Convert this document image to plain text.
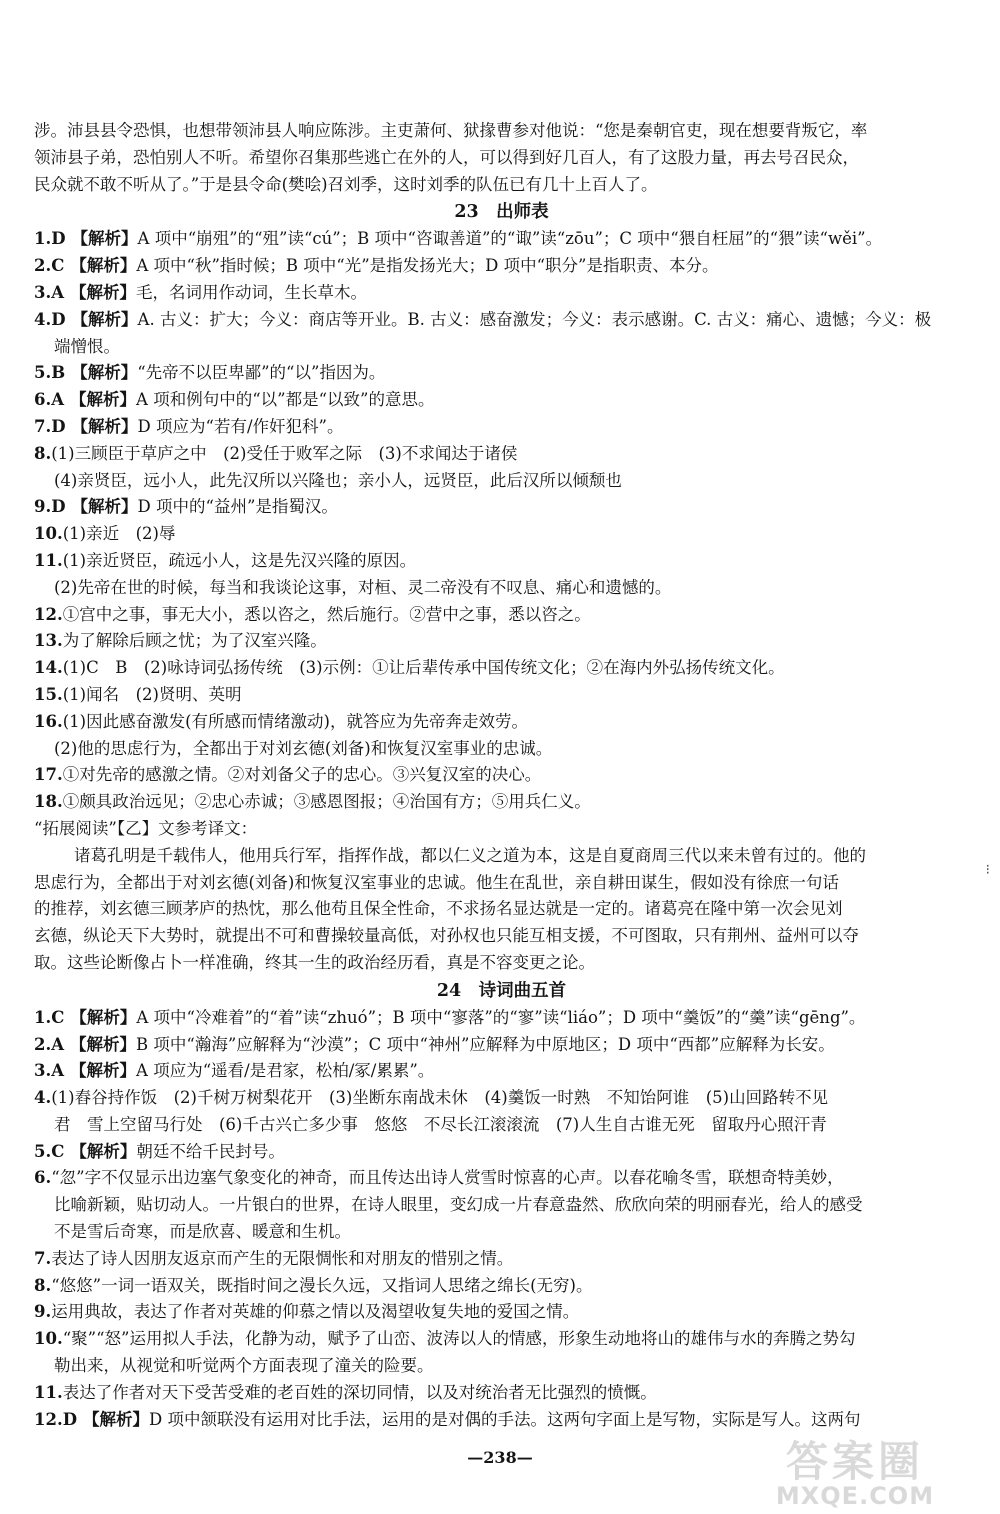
涉。沛县县令恐惧，也想带领沛县人响应陈涉。主吏萧何、狱掾曹参对他说：“您是秦朝官吏，现在想要背叛它，率
领沛县子弟，恐怕别人不听。希望你召集那些逃亡在外的人，可以得到好几百人，有了这股力量，再去号召民众，
民众就不敢不听从了。”于是县令命(樊哙)召刘季，这时刘季的队伍已有几十上百人了。
23　出师表
1.D 【解析】A 项中“崩殂”的“殂”读“cú”；B 项中“咨诹善道”的“诹”读“zōu”；C 项中“猥自枉屈”的“猥”读“wěi”。
2.C 【解析】A 项中“秋”指时候；B 项中“光”是指发扬光大；D 项中“职分”是指职责、本分。
3.A 【解析】毛，名词用作动词，生长草木。
4.D 【解析】A. 古义：扩大；今义：商店等开业。B. 古义：感奋激发；今义：表示感谢。C. 古义：痛心、遗憾；今义：极
端憎恨。
5.B 【解析】“先帝不以臣卑鄙”的“以”指因为。
6.A 【解析】A 项和例句中的“以”都是“以致”的意思。
7.D 【解析】D 项应为“若有/作奸犯科”。
8.(1)三顾臣于草庐之中　(2)受任于败军之际　(3)不求闻达于诸侯
(4)亲贤臣，远小人，此先汉所以兴隆也；亲小人，远贤臣，此后汉所以倾颓也
9.D 【解析】D 项中的“益州”是指蜀汉。
10.(1)亲近　(2)辱
11.(1)亲近贤臣，疏远小人，这是先汉兴隆的原因。
(2)先帝在世的时候，每当和我谈论这事，对桓、灵二帝没有不叹息、痛心和遗憾的。
12.①宫中之事，事无大小，悉以咨之，然后施行。②营中之事，悉以咨之。
13.为了解除后顾之忧；为了汉室兴隆。
14.(1)C　B　(2)咏诗词弘扬传统　(3)示例：①让后辈传承中国传统文化；②在海内外弘扬传统文化。
15.(1)闻名　(2)贤明、英明
16.(1)因此感奋激发(有所感而情绪激动)，就答应为先帝奔走效劳。
(2)他的思虑行为，全都出于对刘玄德(刘备)和恢复汉室事业的忠诚。
17.①对先帝的感激之情。②对刘备父子的忠心。③兴复汉室的决心。
18.①颇具政治远见；②忠心赤诚；③感恩图报；④治国有方；⑤用兵仁义。
“拓展阅读”【乙】文参考译文：
诸葛孔明是千载伟人，他用兵行军，指挥作战，都以仁义之道为本，这是自夏商周三代以来未曾有过的。他的
思虑行为，全都出于对刘玄德(刘备)和恢复汉室事业的忠诚。他生在乱世，亲自耕田谋生，假如没有徐庶一句话
的推荐，刘玄德三顾茅庐的热忱，那么他苟且保全性命，不求扬名显达就是一定的。诸葛亮在隆中第一次会见刘
玄德，纵论天下大势时，就提出不可和曹操较量高低，对孙权也只能互相支援，不可图取，只有荆州、益州可以夺
取。这些论断像占卜一样准确，终其一生的政治经历看，真是不容变更之论。
24　诗词曲五首
1.C 【解析】A 项中“冷难着”的“着”读“zhuó”；B 项中“寥落”的“寥”读“liáo”；D 项中“羹饭”的“羹”读“gēng”。
2.A 【解析】B 项中“瀚海”应解释为“沙漠”；C 项中“神州”应解释为中原地区；D 项中“西都”应解释为长安。
3.A 【解析】A 项应为“遥看/是君家，松柏/冢/累累”。
4.(1)舂谷持作饭　(2)千树万树梨花开　(3)坐断东南战未休　(4)羹饭一时熟　不知饴阿谁　(5)山回路转不见
君　雪上空留马行处　(6)千古兴亡多少事　悠悠　不尽长江滚滚流　(7)人生自古谁无死　留取丹心照汗青
5.C 【解析】朝廷不给千民封号。
6.“忽”字不仅显示出边塞气象变化的神奇，而且传达出诗人赏雪时惊喜的心声。以春花喻冬雪，联想奇特美妙，
比喻新颖，贴切动人。一片银白的世界，在诗人眼里，变幻成一片春意盎然、欣欣向荣的明丽春光，给人的感受
不是雪后奇寒，而是欣喜、暖意和生机。
7.表达了诗人因朋友返京而产生的无限惆怅和对朋友的惜别之情。
8.“悠悠”一词一语双关，既指时间之漫长久远，又指词人思绪之绵长(无穷)。
9.运用典故，表达了作者对英雄的仰慕之情以及渴望收复失地的爱国之情。
10.“聚”“怒”运用拟人手法，化静为动，赋予了山峦、波涛以人的情感，形象生动地将山的雄伟与水的奔腾之势勾
勒出来，从视觉和听觉两个方面表现了潼关的险要。
11.表达了作者对天下受苦受难的老百姓的深切同情，以及对统治者无比强烈的愤慨。
12.D 【解析】D 项中颔联没有运用对比手法，运用的是对偶的手法。这两句字面上是写物，实际是写人。这两句
⁝
—238—	答案圈
MXQE.COM
